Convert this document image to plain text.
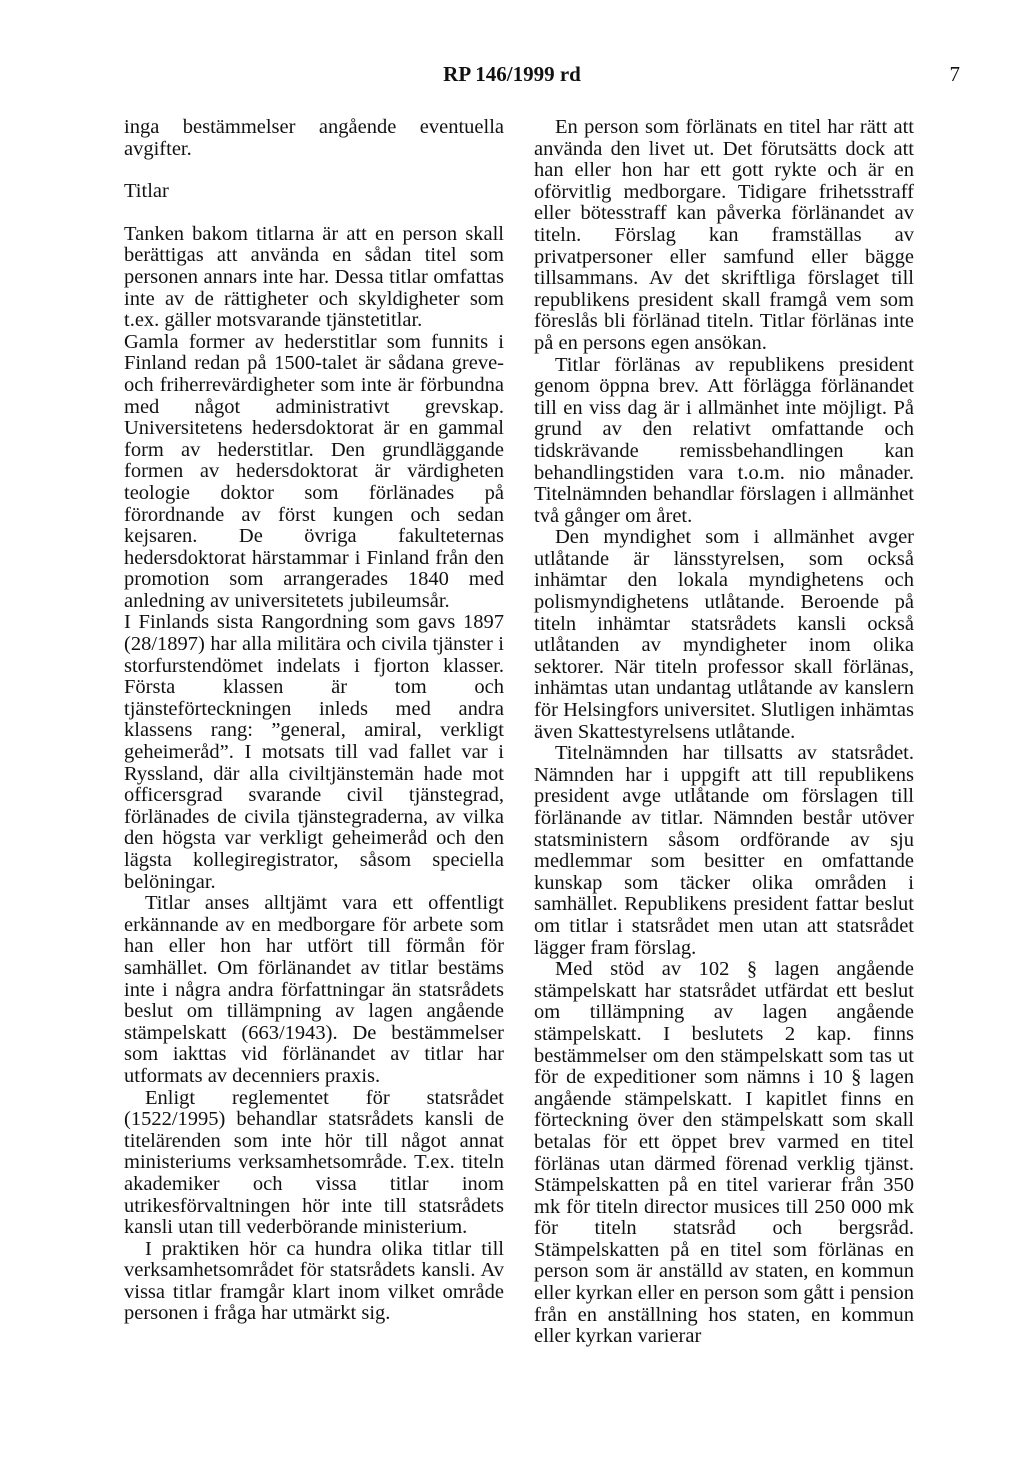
RP 146/1999 rd	7

inga bestämmelser angående eventuella avgifter.

Titlar

Tanken bakom titlarna är att en person skall berättigas att använda en sådan titel som personen annars inte har. Dessa titlar omfattas inte av de rättigheter och skyldigheter som t.ex. gäller motsvarande tjänstetitlar.

Gamla former av hederstitlar som funnits i Finland redan på 1500-talet är sådana greve- och friherrevärdigheter som inte är förbundna med något administrativt grevskap. Universitetens hedersdoktorat är en gammal form av hederstitlar. Den grundläggande formen av hedersdoktorat är värdigheten teologie doktor som förlänades på förordnande av först kungen och sedan kejsaren. De övriga fakulteternas hedersdoktorat härstammar i Finland från den promotion som arrangerades 1840 med anledning av universitetets jubileumsår.

I Finlands sista Rangordning som gavs 1897 (28/1897) har alla militära och civila tjänster i storfurstendömet indelats i fjorton klasser. Första klassen är tom och tjänsteförteckningen inleds med andra klassens rang: ”general, amiral, verkligt geheimeråd”. I motsats till vad fallet var i Ryssland, där alla civiltjänstemän hade mot officersgrad svarande civil tjänstegrad, förlänades de civila tjänstegraderna, av vilka den högsta var verkligt geheimeråd och den lägsta kollegiregistrator, såsom speciella belöningar.

Titlar anses alltjämt vara ett offentligt erkännande av en medborgare för arbete som han eller hon har utfört till förmån för samhället. Om förlänandet av titlar bestäms inte i några andra författningar än statsrådets beslut om tillämpning av lagen angående stämpelskatt (663/1943). De bestämmelser som iakttas vid förlänandet av titlar har utformats av decenniers praxis.

Enligt reglementet för statsrådet (1522/1995) behandlar statsrådets kansli de titelärenden som inte hör till något annat ministeriums verksamhetsområde. T.ex. titeln akademiker och vissa titlar inom utrikesförvaltningen hör inte till statsrådets kansli utan till vederbörande ministerium.

I praktiken hör ca hundra olika titlar till verksamhetsområdet för statsrådets kansli. Av vissa titlar framgår klart inom vilket område personen i fråga har utmärkt sig.

En person som förlänats en titel har rätt att använda den livet ut. Det förutsätts dock att han eller hon har ett gott rykte och är en oförvitlig medborgare. Tidigare frihetsstraff eller bötesstraff kan påverka förlänandet av titeln. Förslag kan framställas av privatpersoner eller samfund eller bägge tillsammans. Av det skriftliga förslaget till republikens president skall framgå vem som föreslås bli förlänad titeln. Titlar förlänas inte på en persons egen ansökan.

Titlar förlänas av republikens president genom öppna brev. Att förlägga förlänandet till en viss dag är i allmänhet inte möjligt. På grund av den relativt omfattande och tidskrävande remissbehandlingen kan behandlingstiden vara t.o.m. nio månader. Titelnämnden behandlar förslagen i allmänhet två gånger om året.

Den myndighet som i allmänhet avger utlåtande är länsstyrelsen, som också inhämtar den lokala myndighetens och polismyndighetens utlåtande. Beroende på titeln inhämtar statsrådets kansli också utlåtanden av myndigheter inom olika sektorer. När titeln professor skall förlänas, inhämtas utan undantag utlåtande av kanslern för Helsingfors universitet. Slutligen inhämtas även Skattestyrelsens utlåtande.

Titelnämnden har tillsatts av statsrådet. Nämnden har i uppgift att till republikens president avge utlåtande om förslagen till förlänande av titlar. Nämnden består utöver statsministern såsom ordförande av sju medlemmar som besitter en omfattande kunskap som täcker olika områden i samhället. Republikens president fattar beslut om titlar i statsrådet men utan att statsrådet lägger fram förslag.

Med stöd av 102 § lagen angående stämpelskatt har statsrådet utfärdat ett beslut om tillämpning av lagen angående stämpelskatt. I beslutets 2 kap. finns bestämmelser om den stämpelskatt som tas ut för de expeditioner som nämns i 10 § lagen angående stämpelskatt. I kapitlet finns en förteckning över den stämpelskatt som skall betalas för ett öppet brev varmed en titel förlänas utan därmed förenad verklig tjänst. Stämpelskatten på en titel varierar från 350 mk för titeln director musices till 250 000 mk för titeln statsråd och bergsråd. Stämpelskatten på en titel som förlänas en person som är anställd av staten, en kommun eller kyrkan eller en person som gått i pension från en anställning hos staten, en kommun eller kyrkan varierar
